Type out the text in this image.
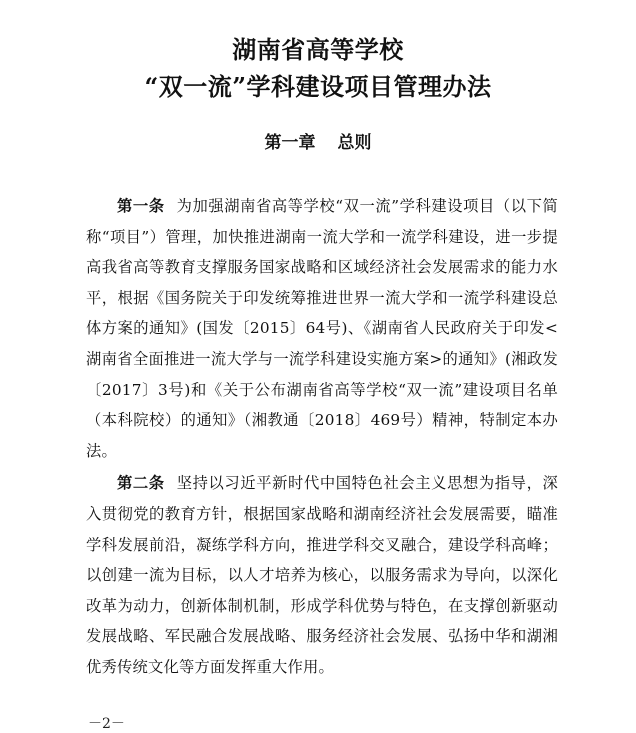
湖南省高等学校
“双一流”学科建设项目管理办法
第一章 总则

第一条 为加强湖南省高等学校“双一流”学科建设项目（以下简称“项目”）管理，加快推进湖南一流大学和一流学科建设，进一步提高我省高等教育支撑服务国家战略和区域经济社会发展需求的能力水平，根据《国务院关于印发统筹推进世界一流大学和一流学科建设总体方案的通知》(国发〔2015〕64号)、《湖南省人民政府关于印发<湖南省全面推进一流大学与一流学科建设实施方案>的通知》(湘政发〔2017〕3号)和《关于公布湖南省高等学校“双一流”建设项目名单（本科院校）的通知》（湘教通〔2018〕469号）精神，特制定本办法。

第二条 坚持以习近平新时代中国特色社会主义思想为指导，深入贯彻党的教育方针，根据国家战略和湖南经济社会发展需要，瞄准学科发展前沿，凝练学科方向，推进学科交叉融合，建设学科高峰；以创建一流为目标，以人才培养为核心，以服务需求为导向，以深化改革为动力，创新体制机制，形成学科优势与特色，在支撑创新驱动发展战略、军民融合发展战略、服务经济社会发展、弘扬中华和湖湘优秀传统文化等方面发挥重大作用。

－2－
